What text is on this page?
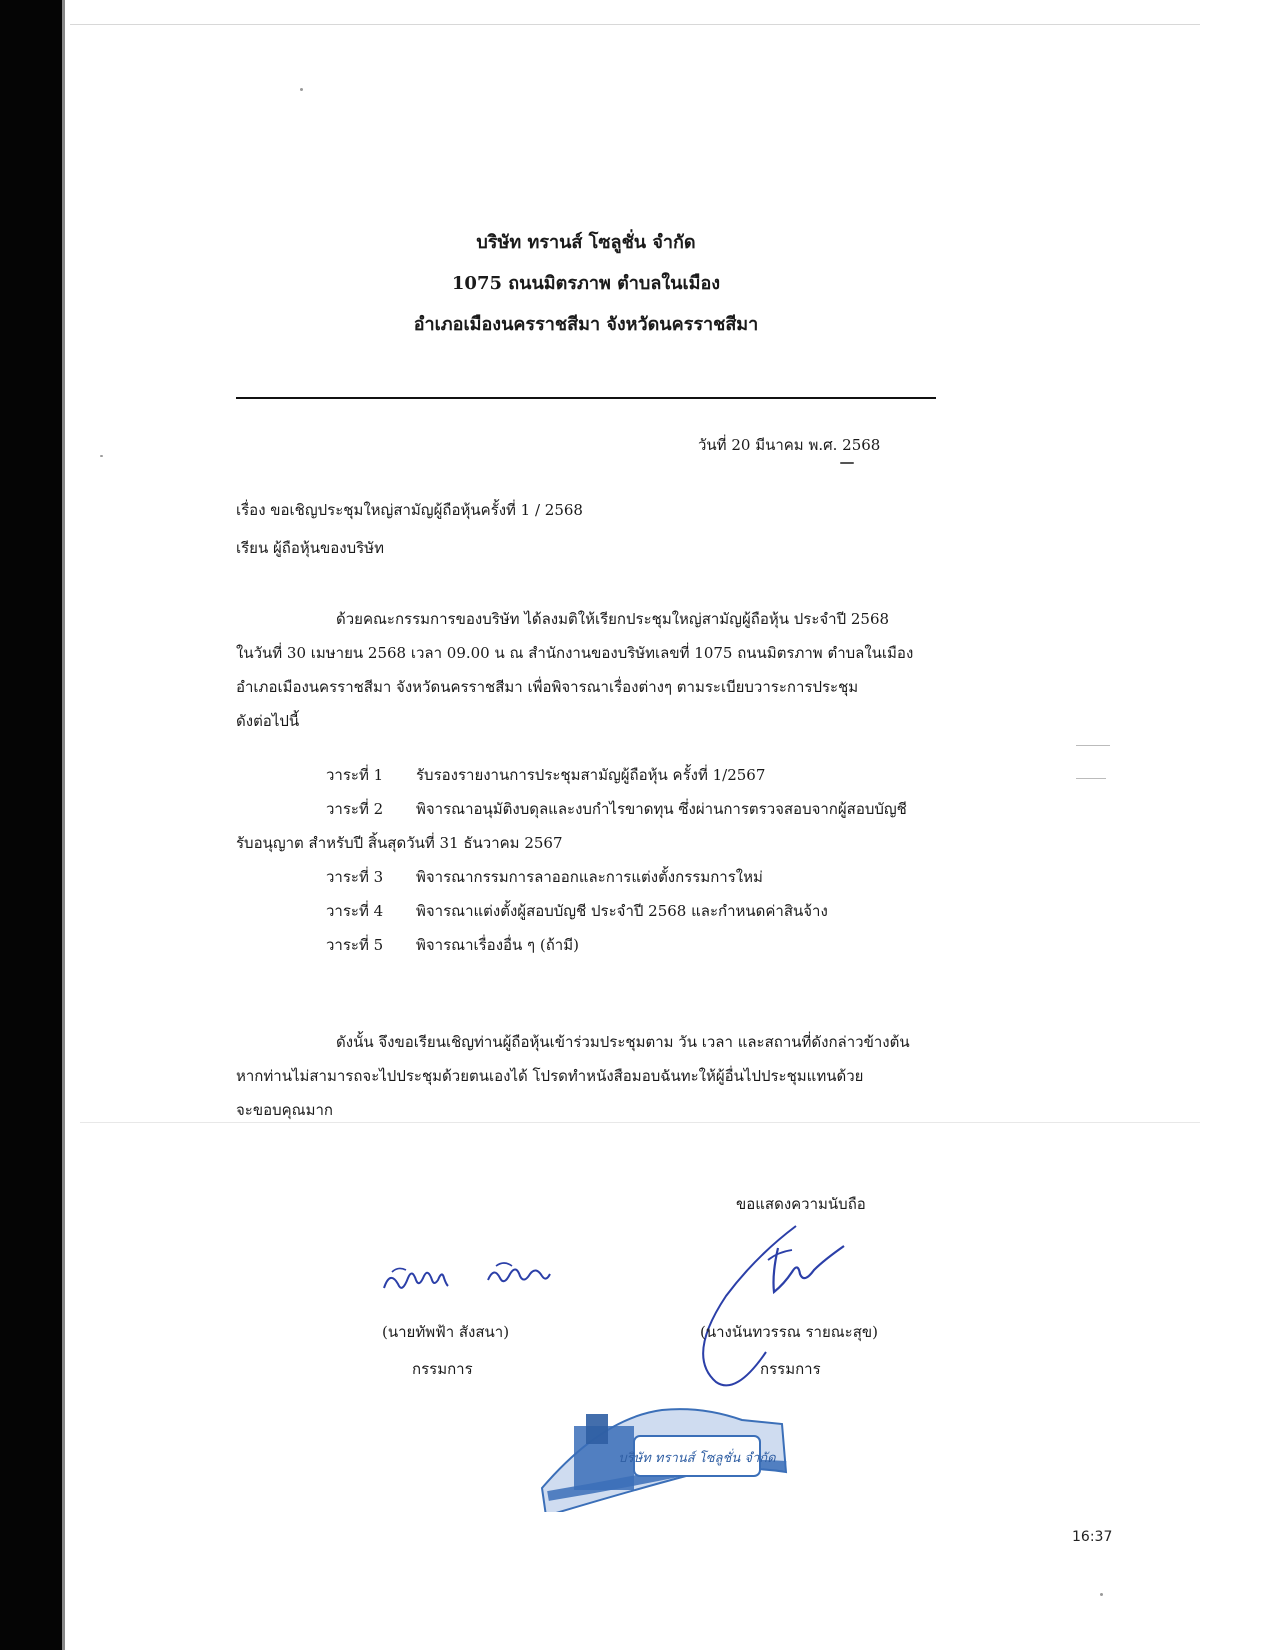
บริษัท ทรานส์ โซลูชั่น จำกัด
1075 ถนนมิตรภาพ ตำบลในเมือง
อำเภอเมืองนครราชสีมา จังหวัดนครราชสีมา
วันที่ 20 มีนาคม พ.ศ. 2568
เรื่อง ขอเชิญประชุมใหญ่สามัญผู้ถือหุ้นครั้งที่ 1 / 2568
เรียน ผู้ถือหุ้นของบริษัท
ด้วยคณะกรรมการของบริษัท ได้ลงมติให้เรียกประชุมใหญ่สามัญผู้ถือหุ้น ประจำปี 2568
ในวันที่ 30 เมษายน 2568 เวลา 09.00 น ณ สำนักงานของบริษัทเลขที่ 1075 ถนนมิตรภาพ ตำบลในเมือง
อำเภอเมืองนครราชสีมา จังหวัดนครราชสีมา เพื่อพิจารณาเรื่องต่างๆ ตามระเบียบวาระการประชุม
ดังต่อไปนี้
วาระที่ 1 รับรองรายงานการประชุมสามัญผู้ถือหุ้น ครั้งที่ 1/2567
วาระที่ 2 พิจารณาอนุมัติงบดุลและงบกำไรขาดทุน ซึ่งผ่านการตรวจสอบจากผู้สอบบัญชี
รับอนุญาต สำหรับปี สิ้นสุดวันที่ 31 ธันวาคม 2567
วาระที่ 3 พิจารณากรรมการลาออกและการแต่งตั้งกรรมการใหม่
วาระที่ 4 พิจารณาแต่งตั้งผู้สอบบัญชี ประจำปี 2568 และกำหนดค่าสินจ้าง
วาระที่ 5 พิจารณาเรื่องอื่น ๆ (ถ้ามี)
ดังนั้น จึงขอเรียนเชิญท่านผู้ถือหุ้นเข้าร่วมประชุมตาม วัน เวลา และสถานที่ดังกล่าวข้างต้น
หากท่านไม่สามารถจะไปประชุมด้วยตนเองได้ โปรดทำหนังสือมอบฉันทะให้ผู้อื่นไปประชุมแทนด้วย
จะขอบคุณมาก
ขอแสดงความนับถือ
(นายทัพฟ้า สังสนา)
กรรมการ
(นางนันทวรรณ รายณะสุข)
กรรมการ
บริษัท ทรานส์ โซลูชั่น จำกัด
16:37
